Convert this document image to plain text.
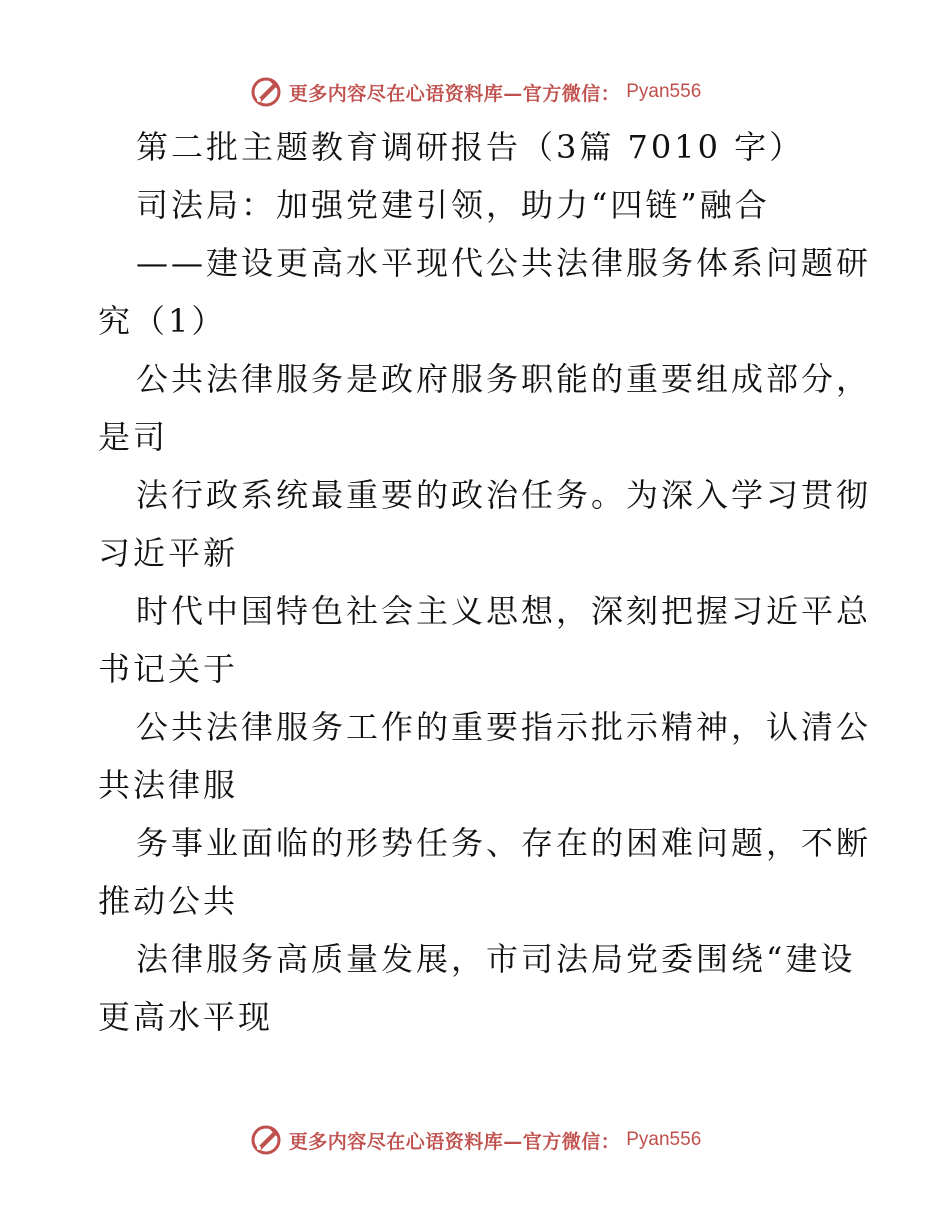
更多内容尽在心语资料库—官方微信： Pyan556
第二批主题教育调研报告（3篇 7010 字）
司法局：加强党建引领，助力“四链”融合
——建设更高水平现代公共法律服务体系问题研
究（1）
公共法律服务是政府服务职能的重要组成部分，
是司
法行政系统最重要的政治任务。为深入学习贯彻
习近平新
时代中国特色社会主义思想，深刻把握习近平总
书记关于
公共法律服务工作的重要指示批示精神，认清公
共法律服
务事业面临的形势任务、存在的困难问题，不断
推动公共
法律服务高质量发展，市司法局党委围绕“建设
更高水平现
更多内容尽在心语资料库—官方微信： Pyan556
